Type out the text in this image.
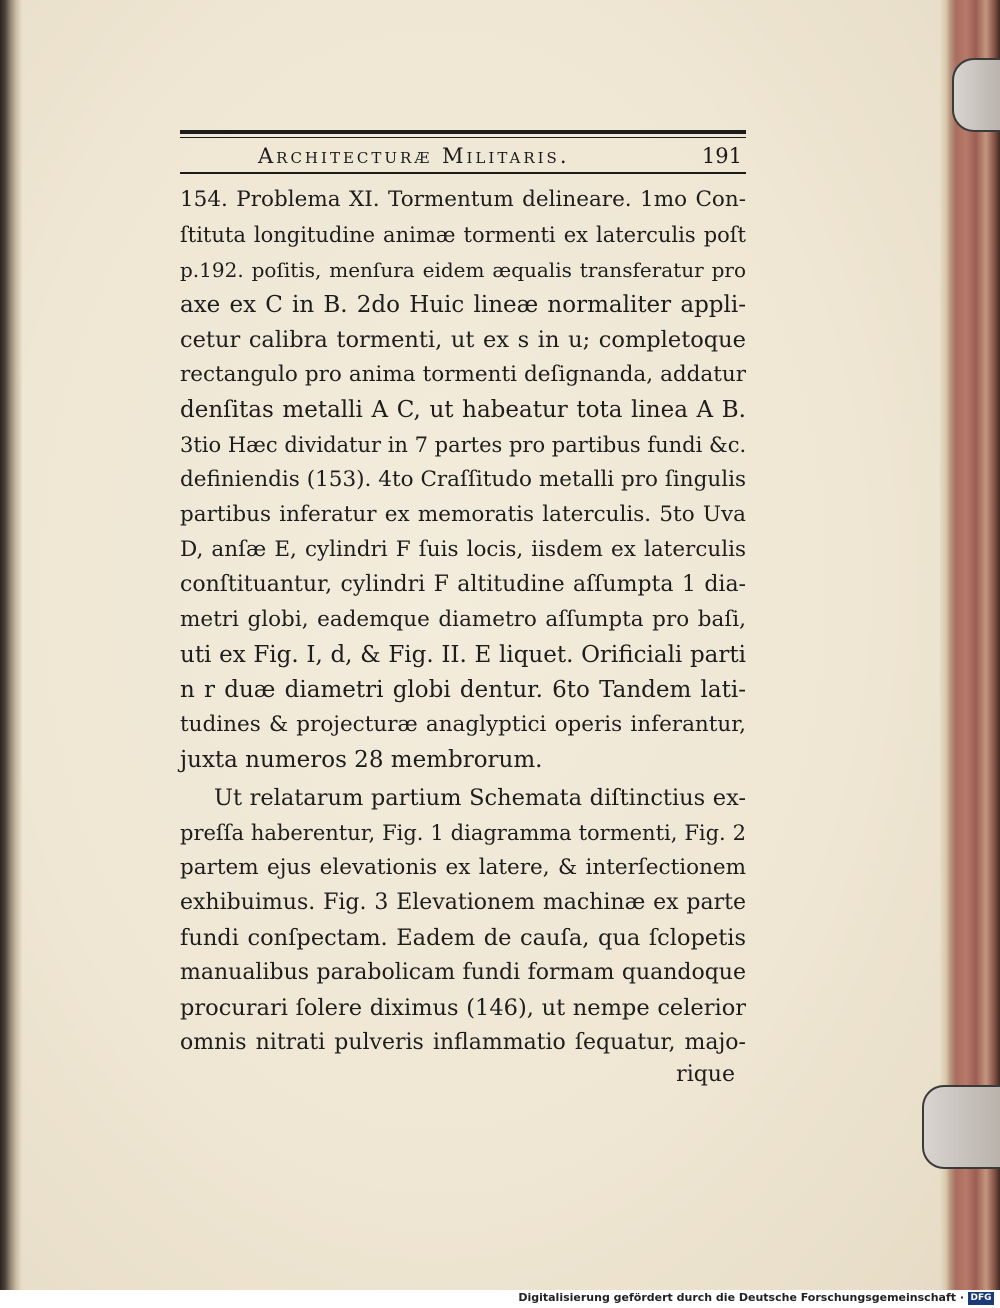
Architecturæ Militaris.	191
154. Problema XI. Tormentum delineare. 1mo Con-
ſtituta longitudine animæ tormenti ex laterculis poſt
p.192. poſitis, menſura eidem æqualis transferatur pro
axe ex C in B. 2do Huic lineæ normaliter appli-
cetur calibra tormenti, ut ex s in u; completoque
rectangulo pro anima tormenti deſignanda, addatur
denſitas metalli A C, ut habeatur tota linea A B.
3tio Hæc dividatur in 7 partes pro partibus fundi &c.
definiendis (153). 4to Craſſitudo metalli pro ſingulis
partibus inferatur ex memoratis laterculis. 5to Uva
D, anſæ E, cylindri F ſuis locis, iisdem ex laterculis
conſtituantur, cylindri F altitudine aſſumpta 1 dia-
metri globi, eademque diametro aſſumpta pro baſi,
uti ex Fig. I, d, & Fig. II. E liquet. Orificiali parti
n r duæ diametri globi dentur. 6to Tandem lati-
tudines & projecturæ anaglyptici operis inferantur,
juxta numeros 28 membrorum.
Ut relatarum partium Schemata diſtinctius ex-
preſſa haberentur, Fig. 1 diagramma tormenti, Fig. 2
partem ejus elevationis ex latere, & interſectionem
exhibuimus. Fig. 3 Elevationem machinæ ex parte
fundi conſpectam. Eadem de cauſa, qua ſclopetis
manualibus parabolicam fundi formam quandoque
procurari ſolere diximus (146), ut nempe celerior
omnis nitrati pulveris inflammatio ſequatur, majo-
rique
Digitalisierung gefördert durch die Deutsche Forschungsgemeinschaft · DFG
